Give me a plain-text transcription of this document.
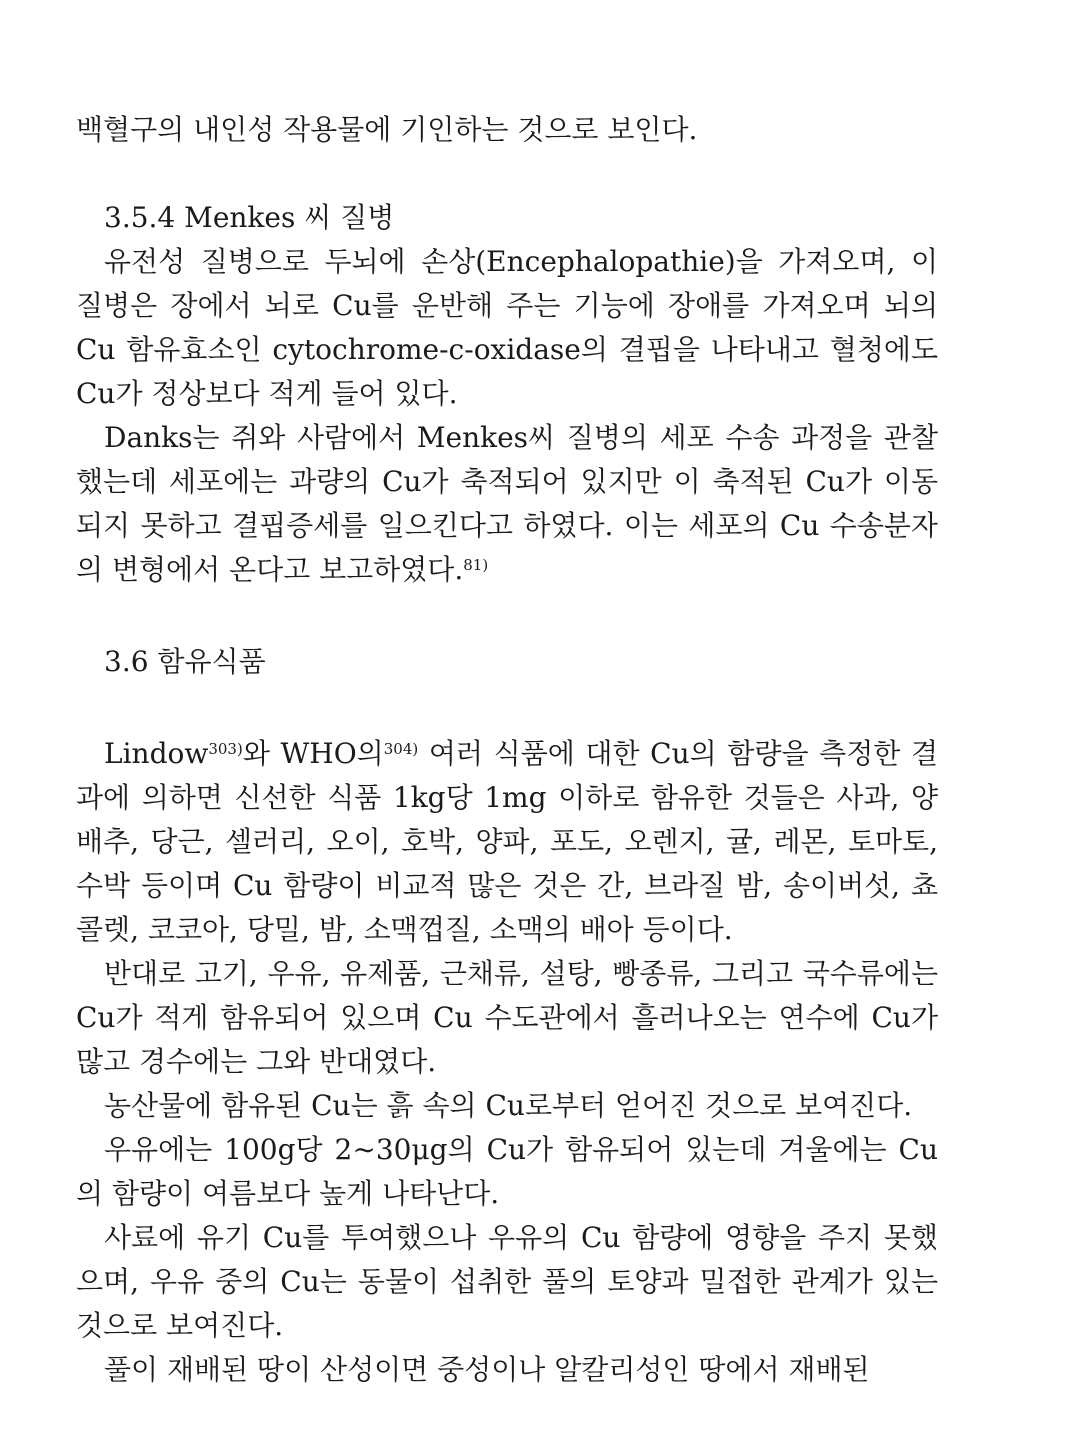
백혈구의 내인성 작용물에 기인하는 것으로 보인다.

3.5.4 Menkes 씨 질병

유전성 질병으로 두뇌에 손상(Encephalopathie)을 가져오며, 이 질병은 장에서 뇌로 Cu를 운반해 주는 기능에 장애를 가져오며 뇌의 Cu 함유효소인 cytochrome-c-oxidase의 결핍을 나타내고 혈청에도 Cu가 정상보다 적게 들어 있다.

Danks는 쥐와 사람에서 Menkes씨 질병의 세포 수송 과정을 관찰했는데 세포에는 과량의 Cu가 축적되어 있지만 이 축적된 Cu가 이동되지 못하고 결핍증세를 일으킨다고 하였다. 이는 세포의 Cu 수송분자의 변형에서 온다고 보고하였다.$^{81)}$

3.6 함유식품

Lindow$^{303)}$와 WHO의$^{304)}$ 여러 식품에 대한 Cu의 함량을 측정한 결과에 의하면 신선한 식품 1kg당 1mg 이하로 함유한 것들은 사과, 양배추, 당근, 셀러리, 오이, 호박, 양파, 포도, 오렌지, 귤, 레몬, 토마토, 수박 등이며 Cu 함량이 비교적 많은 것은 간, 브라질 밤, 송이버섯, 쵸콜렛, 코코아, 당밀, 밤, 소맥껍질, 소맥의 배아 등이다.

반대로 고기, 우유, 유제품, 근채류, 설탕, 빵종류, 그리고 국수류에는 Cu가 적게 함유되어 있으며 Cu 수도관에서 흘러나오는 연수에 Cu가 많고 경수에는 그와 반대였다.

농산물에 함유된 Cu는 흙 속의 Cu로부터 얻어진 것으로 보여진다.

우유에는 100g당 2∼30μg의 Cu가 함유되어 있는데 겨울에는 Cu의 함량이 여름보다 높게 나타난다.

사료에 유기 Cu를 투여했으나 우유의 Cu 함량에 영향을 주지 못했으며, 우유 중의 Cu는 동물이 섭취한 풀의 토양과 밀접한 관계가 있는 것으로 보여진다.

풀이 재배된 땅이 산성이면 중성이나 알칼리성인 땅에서 재배된
